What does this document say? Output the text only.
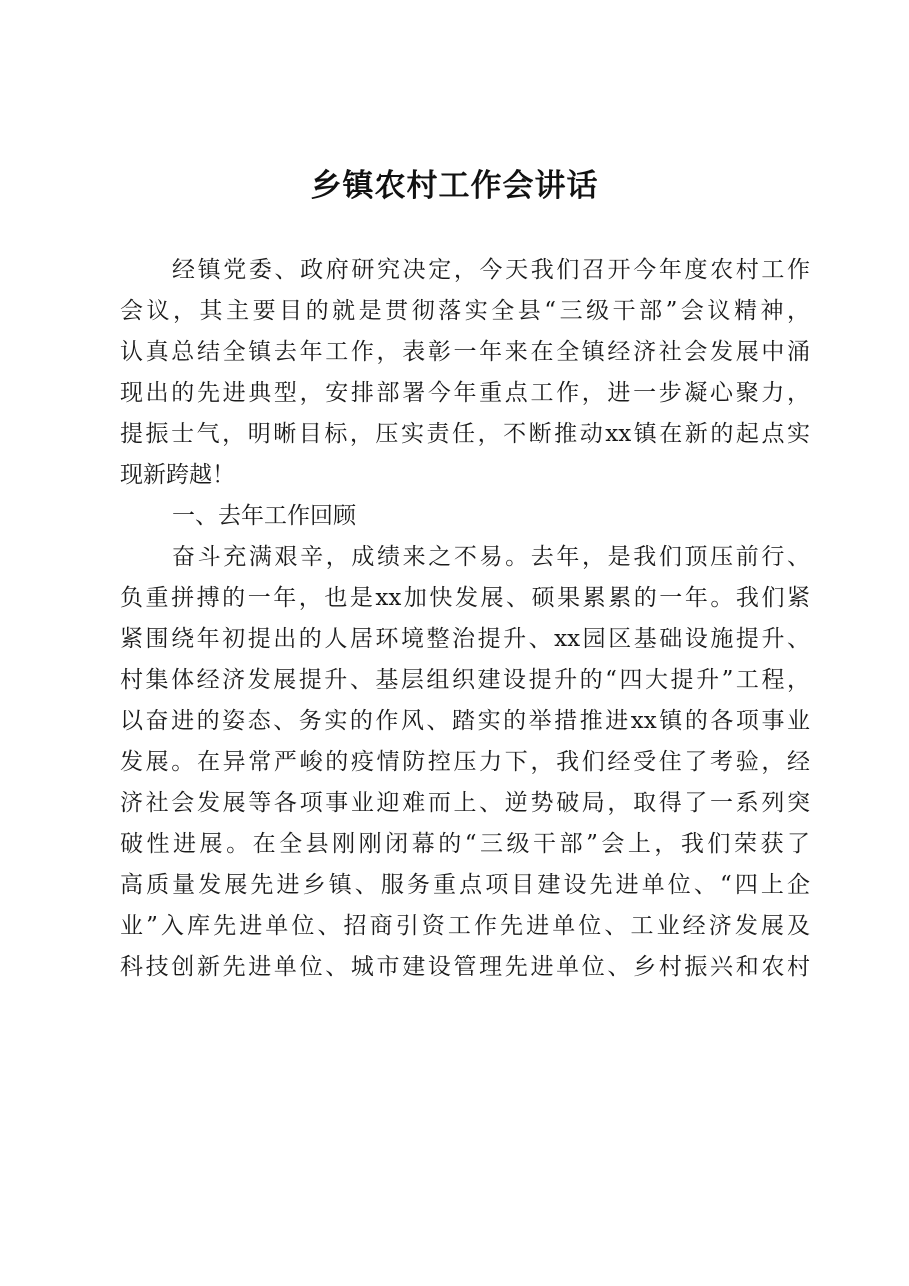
乡镇农村工作会讲话
经镇党委、政府研究决定，今天我们召开今年度农村工作
会议，其主要目的就是贯彻落实全县“三级干部”会议精神，
认真总结全镇去年工作，表彰一年来在全镇经济社会发展中涌
现出的先进典型，安排部署今年重点工作，进一步凝心聚力，
提振士气，明晰目标，压实责任，不断推动xx镇在新的起点实
现新跨越！
一、去年工作回顾
奋斗充满艰辛，成绩来之不易。去年，是我们顶压前行、
负重拼搏的一年，也是xx加快发展、硕果累累的一年。我们紧
紧围绕年初提出的人居环境整治提升、xx园区基础设施提升、
村集体经济发展提升、基层组织建设提升的“四大提升”工程，
以奋进的姿态、务实的作风、踏实的举措推进xx镇的各项事业
发展。在异常严峻的疫情防控压力下，我们经受住了考验，经
济社会发展等各项事业迎难而上、逆势破局，取得了一系列突
破性进展。在全县刚刚闭幕的“三级干部”会上，我们荣获了
高质量发展先进乡镇、服务重点项目建设先进单位、“四上企
业”入库先进单位、招商引资工作先进单位、工业经济发展及
科技创新先进单位、城市建设管理先进单位、乡村振兴和农村
